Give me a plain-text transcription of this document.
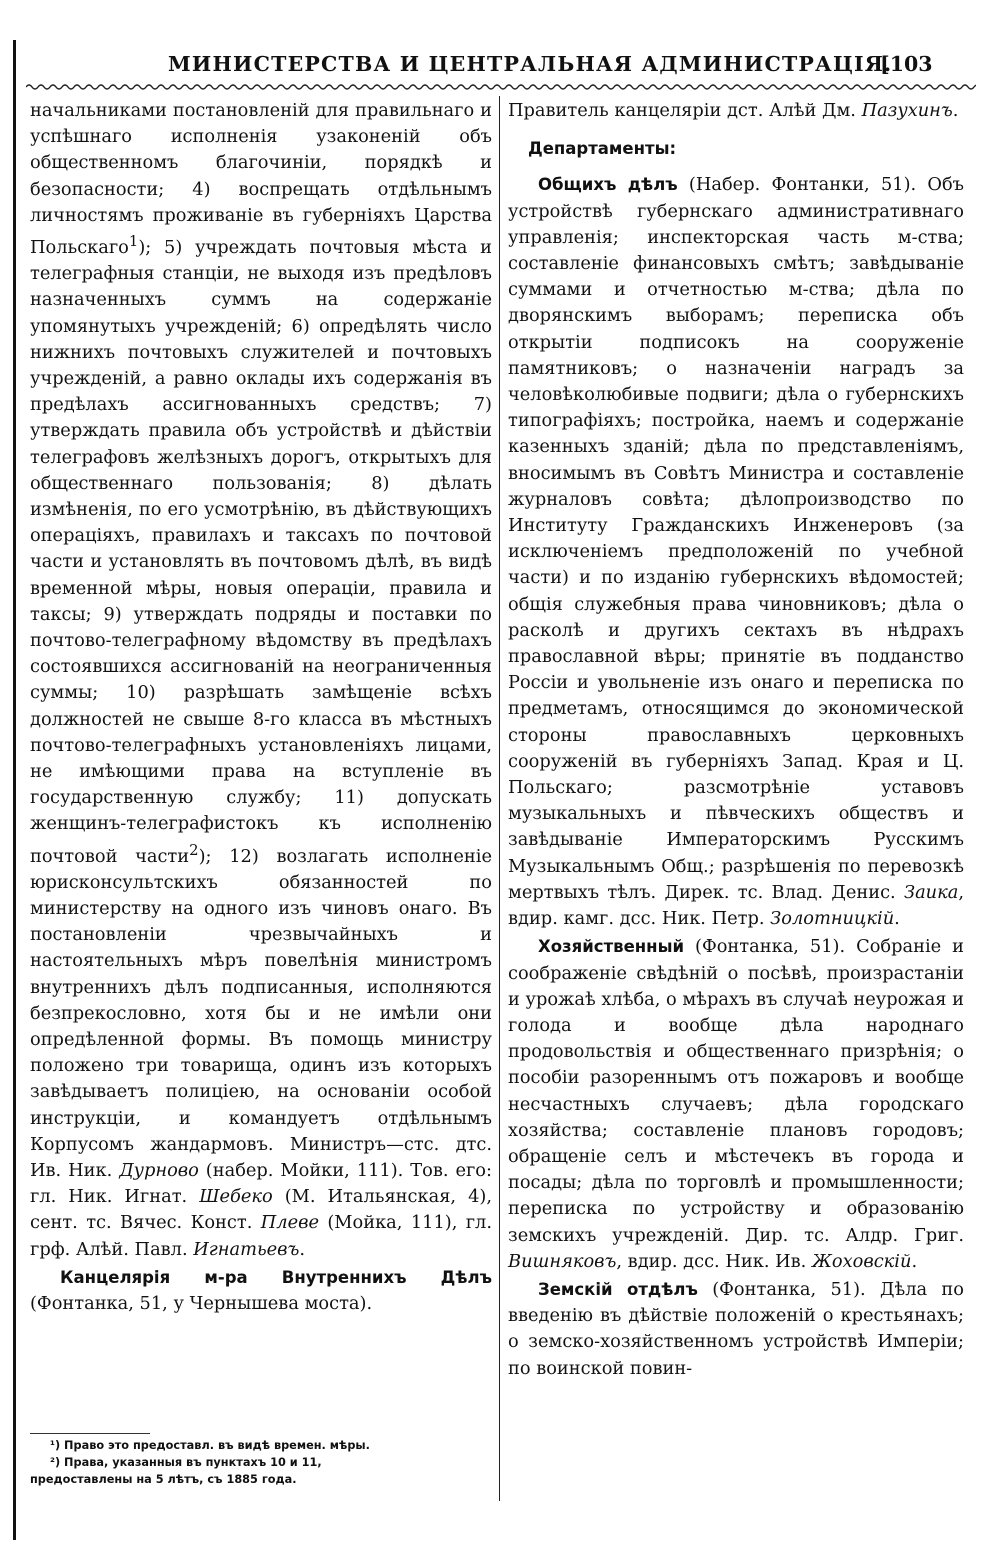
МИНИСТЕРСТВА И ЦЕНТРАЛЬНАЯ АДМИНИСТРАЦІЯ.
[103

начальниками постановленій для правильнаго и успѣшнаго исполненія узаконеній объ общественномъ благочиніи, порядкѣ и безопасности; 4) воспрещать отдѣльнымъ личностямъ проживаніе въ губерніяхъ Царства Польскаго$^1$); 5) учреждать почтовыя мѣста и телеграфныя станціи, не выходя изъ предѣловъ назначенныхъ суммъ на содержаніе упомянутыхъ учрежденій; 6) опредѣлять число нижнихъ почтовыхъ служителей и почтовыхъ учрежденій, а равно оклады ихъ содержанія въ предѣлахъ ассигнованныхъ средствъ; 7) утверждать правила объ устройствѣ и дѣйствіи телеграфовъ желѣзныхъ дорогъ, открытыхъ для общественнаго пользованія; 8) дѣлать измѣненія, по его усмотрѣнію, въ дѣйствующихъ операціяхъ, правилахъ и таксахъ по почтовой части и установлять въ почтовомъ дѣлѣ, въ видѣ временной мѣры, новыя операціи, правила и таксы; 9) утверждать подряды и поставки по почтово-телеграфному вѣдомству въ предѣлахъ состоявшихся ассигнованій на неограниченныя суммы; 10) разрѣшать замѣщеніе всѣхъ должностей не свыше 8-го класса въ мѣстныхъ почтово-телеграфныхъ установленіяхъ лицами, не имѣющими права на вступленіе въ государственную службу; 11) допускать женщинъ-телеграфистокъ къ исполненію почтовой части$^2$); 12) возлагать исполненіе юрисконсультскихъ обязанностей по министерству на одного изъ чиновъ онаго. Въ постановленіи чрезвычайныхъ и настоятельныхъ мѣръ повелѣнія министромъ внутреннихъ дѣлъ подписанныя, исполняются безпрекословно, хотя бы и не имѣли они опредѣленной формы. Въ помощь министру положено три товарища, одинъ изъ которыхъ завѣдываетъ полиціею, на основаніи особой инструкціи, и командуетъ отдѣльнымъ Корпусомъ жандармовъ. Министръ—стс. дтс. Ив. Ник. Дурново (набер. Мойки, 111). Тов. его: гл. Ник. Игнат. Шебеко (М. Итальянская, 4), сент. тс. Вячес. Конст. Плеве (Мойка, 111), гл. грф. Алѣй. Павл. Игнатьевъ.

Канцелярія м-ра Внутреннихъ Дѣлъ (Фонтанка, 51, у Чернышева моста).

¹) Право это предоставл. въ видѣ времен. мѣры.

²) Права, указанныя въ пунктахъ 10 и 11,

предоставлены на 5 лѣтъ, съ 1885 года.

Правитель канцеляріи дст. Алѣй Дм. Пазухинъ.

Департаменты:

Общихъ дѣлъ (Набер. Фонтанки, 51). Объ устройствѣ губернскаго административнаго управленія; инспекторская часть м-ства; составленіе финансовыхъ смѣтъ; завѣдываніе суммами и отчетностью м-ства; дѣла по дворянскимъ выборамъ; переписка объ открытіи подписокъ на сооруженіе памятниковъ; о назначеніи наградъ за человѣколюбивые подвиги; дѣла о губернскихъ типографіяхъ; постройка, наемъ и содержаніе казенныхъ зданій; дѣла по представленіямъ, вносимымъ въ Совѣтъ Министра и составленіе журналовъ совѣта; дѣлопроизводство по Институту Гражданскихъ Инженеровъ (за исключеніемъ предположеній по учебной части) и по изданію губернскихъ вѣдомостей; общія служебныя права чиновниковъ; дѣла о расколѣ и другихъ сектахъ въ нѣдрахъ православной вѣры; принятіе въ подданство Россіи и увольненіе изъ онаго и переписка по предметамъ, относящимся до экономической стороны православныхъ церковныхъ сооруженій въ губерніяхъ Запад. Края и Ц. Польскаго; разсмотрѣніе уставовъ музыкальныхъ и пѣвческихъ обществъ и завѣдываніе Императорскимъ Русскимъ Музыкальнымъ Общ.; разрѣшенія по перевозкѣ мертвыхъ тѣлъ. Дирек. тс. Влад. Денис. Заика, вдир. камг. дсс. Ник. Петр. Золотницкій.

Хозяйственный (Фонтанка, 51). Собраніе и соображеніе свѣдѣній о посѣвѣ, произрастаніи и урожаѣ хлѣба, о мѣрахъ въ случаѣ неурожая и голода и вообще дѣла народнаго продовольствія и общественнаго призрѣнія; о пособіи разореннымъ отъ пожаровъ и вообще несчастныхъ случаевъ; дѣла городскаго хозяйства; составленіе плановъ городовъ; обращеніе селъ и мѣстечекъ въ города и посады; дѣла по торговлѣ и промышленности; переписка по устройству и образованію земскихъ учрежденій. Дир. тс. Алдр. Григ. Вишняковъ, вдир. дсс. Ник. Ив. Жоховскій.

Земскій отдѣлъ (Фонтанка, 51). Дѣла по введенію въ дѣйствіе положеній о крестьянахъ; о земско-хозяйственномъ устройствѣ Имперіи; по воинской повин-
